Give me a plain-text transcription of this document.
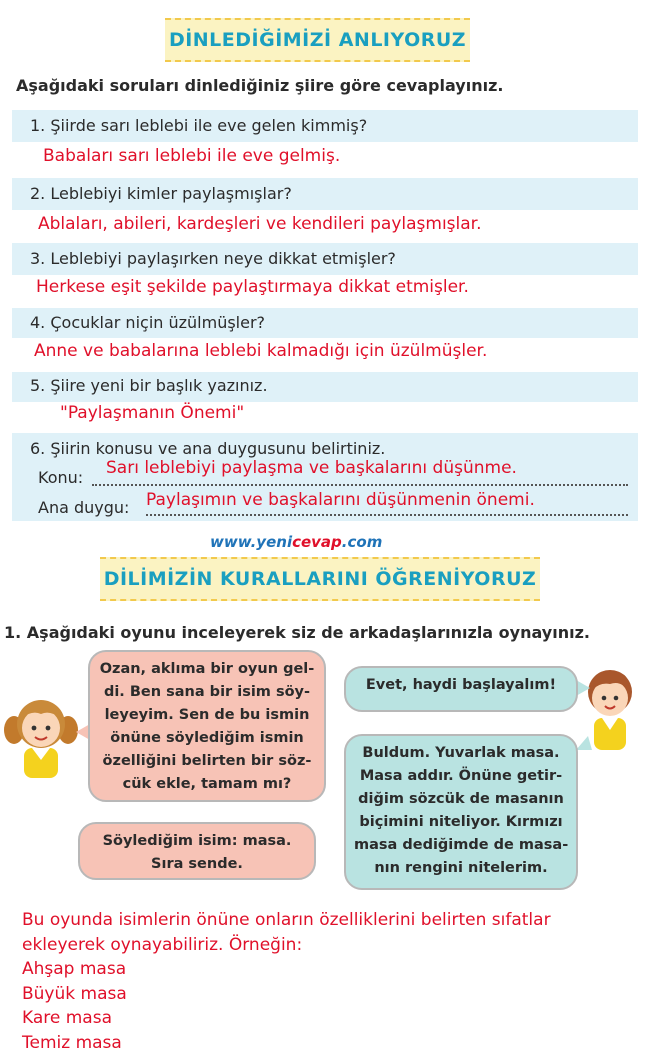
DİNLEDİĞİMİZİ ANLIYORUZ
Aşağıdaki soruları dinlediğiniz şiire göre cevaplayınız.
1. Şiirde sarı leblebi ile eve gelen kimmiş?
Babaları sarı leblebi ile eve gelmiş.
2. Leblebiyi kimler paylaşmışlar?
Ablaları, abileri, kardeşleri ve kendileri paylaşmışlar.
3. Leblebiyi paylaşırken neye dikkat etmişler?
Herkese eşit şekilde paylaştırmaya dikkat etmişler.
4. Çocuklar niçin üzülmüşler?
Anne ve babalarına leblebi kalmadığı için üzülmüşler.
5. Şiire yeni bir başlık yazınız.
"Paylaşmanın Önemi"
6. Şiirin konusu ve ana duygusunu belirtiniz.
Konu: Sarı leblebiyi paylaşma ve başkalarını düşünme.
Ana duygu: Paylaşımın ve başkalarını düşünmenin önemi.
www.yenicevap.com
DİLİMİZİN KURALLARINI ÖĞRENİYORUZ
1. Aşağıdaki oyunu inceleyerek siz de arkadaşlarınızla oynayınız.
Ozan, aklıma bir oyun gel-
di. Ben sana bir isim söy-
leyeyim. Sen de bu ismin
önüne söylediğim ismin
özelliğini belirten bir söz-
cük ekle, tamam mı?
Söylediğim isim: masa.
Sıra sende.
Evet, haydi başlayalım!
Buldum. Yuvarlak masa.
Masa addır. Önüne getir-
diğim sözcük de masanın
biçimini niteliyor. Kırmızı
masa dediğimde de masa-
nın rengini nitelerim.
Bu oyunda isimlerin önüne onların özelliklerini belirten sıfatlar
ekleyerek oynayabiliriz. Örneğin:
Ahşap masa
Büyük masa
Kare masa
Temiz masa
